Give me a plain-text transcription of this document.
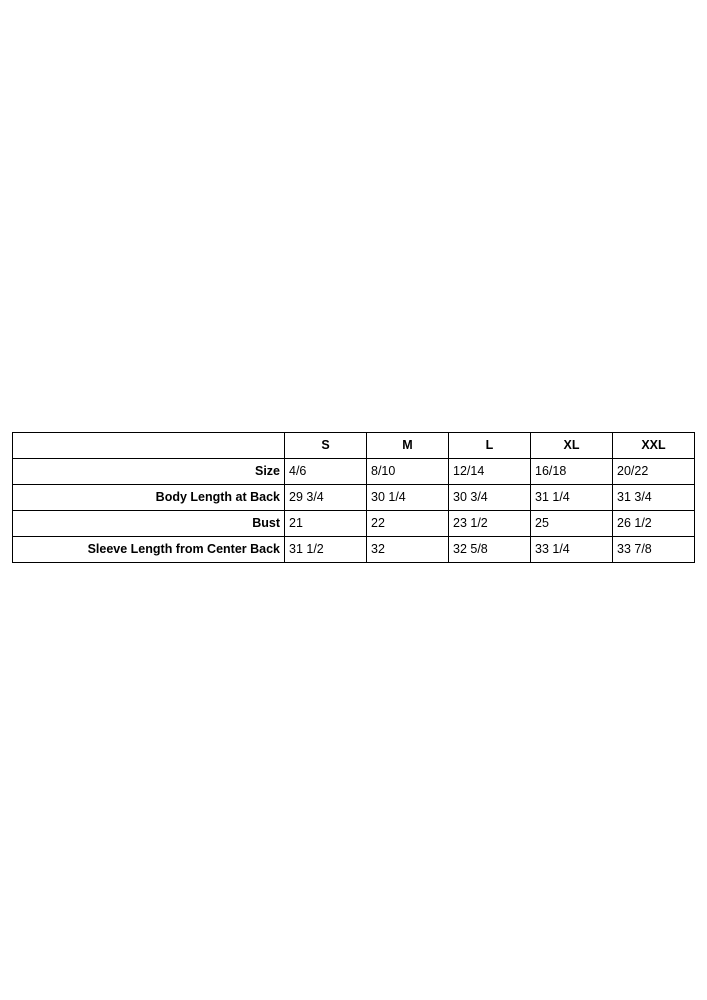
	S	M	L	XL	XXL
Size	4/6	8/10	12/14	16/18	20/22
Body Length at Back	29 3/4	30 1/4	30 3/4	31 1/4	31 3/4
Bust	21	22	23 1/2	25	26 1/2
Sleeve Length from Center Back	31 1/2	32	32 5/8	33 1/4	33 7/8
